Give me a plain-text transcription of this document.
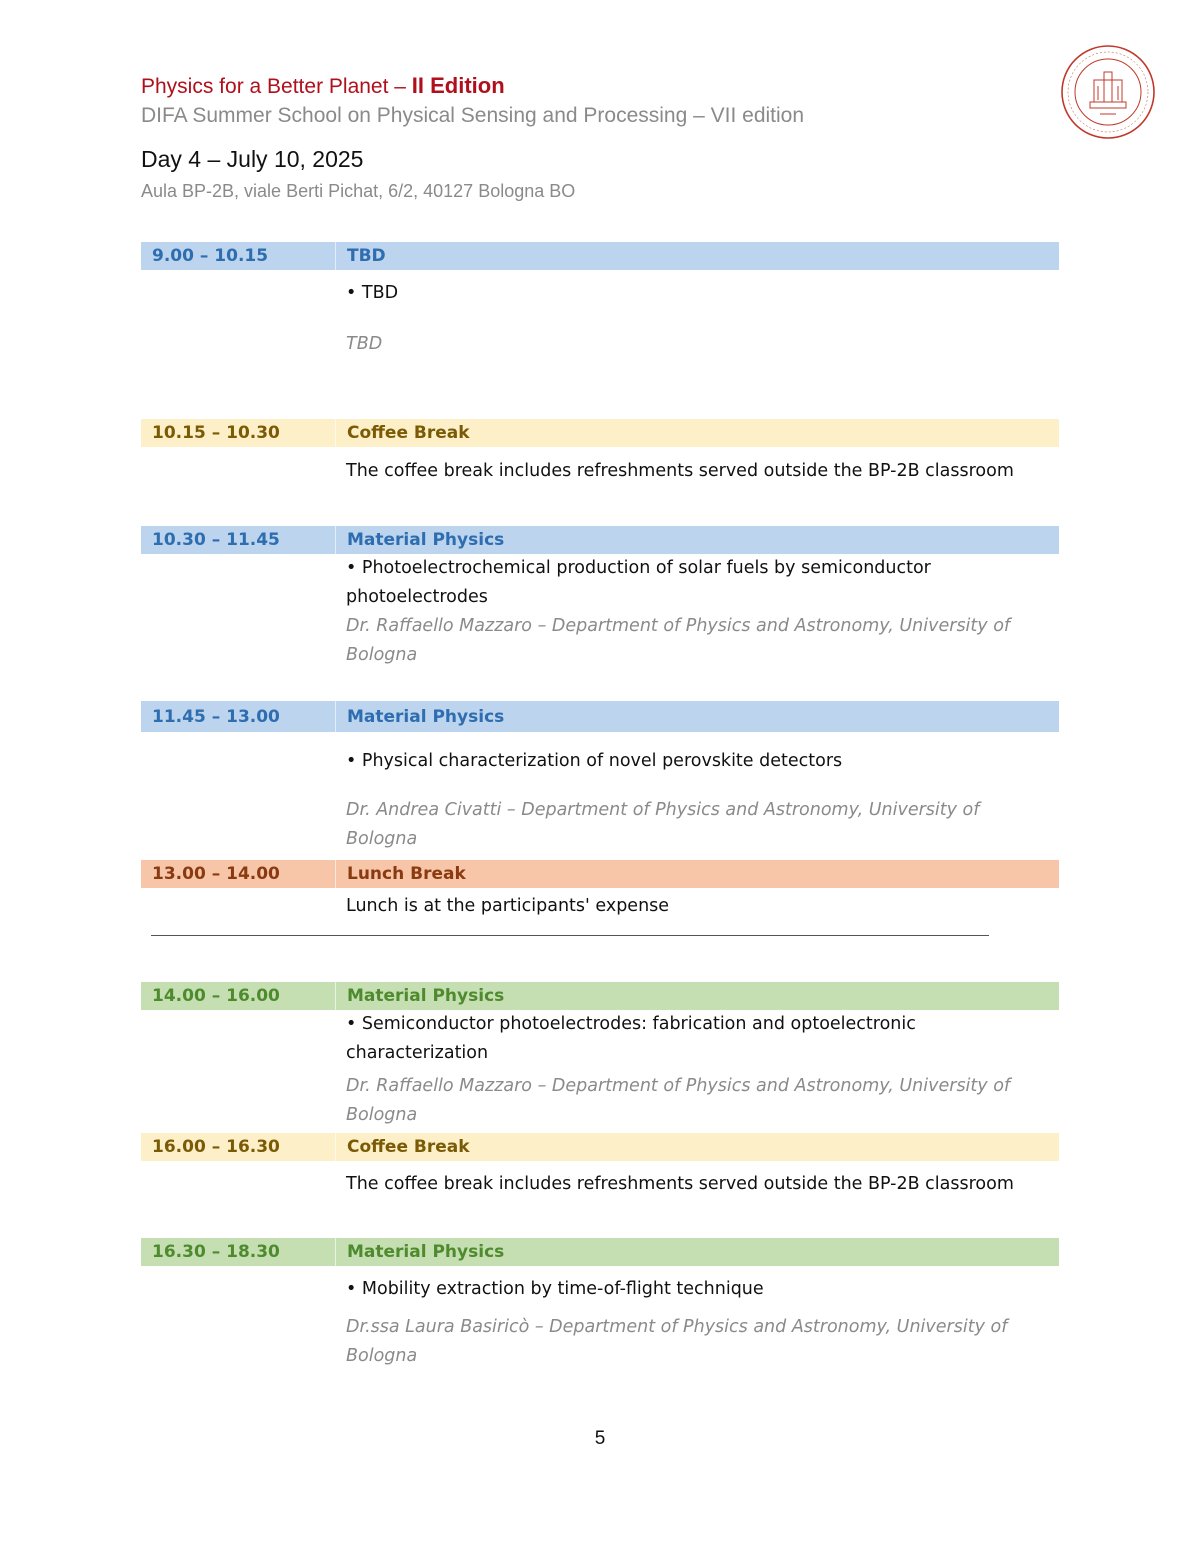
Physics for a Better Planet – II Edition
DIFA Summer School on Physical Sensing and Processing – VII edition
Day 4 – July 10, 2025
Aula BP-2B, viale Berti Pichat, 6/2, 40127 Bologna BO
9.00 – 10.15	TBD
• TBD
TBD
10.15 – 10.30	Coffee Break
The coffee break includes refreshments served outside the BP-2B classroom
10.30 – 11.45	Material Physics
• Photoelectrochemical production of solar fuels by semiconductor photoelectrodes
Dr. Raffaello Mazzaro – Department of Physics and Astronomy, University of Bologna
11.45 – 13.00	Material Physics
• Physical characterization of novel perovskite detectors
Dr. Andrea Civatti – Department of Physics and Astronomy, University of Bologna
13.00 – 14.00	Lunch Break
Lunch is at the participants' expense
14.00 – 16.00	Material Physics
• Semiconductor photoelectrodes: fabrication and optoelectronic characterization
Dr. Raffaello Mazzaro – Department of Physics and Astronomy, University of Bologna
16.00 – 16.30	Coffee Break
The coffee break includes refreshments served outside the BP-2B classroom
16.30 – 18.30	Material Physics
• Mobility extraction by time-of-flight technique
Dr.ssa Laura Basiricò – Department of Physics and Astronomy, University of Bologna
5
